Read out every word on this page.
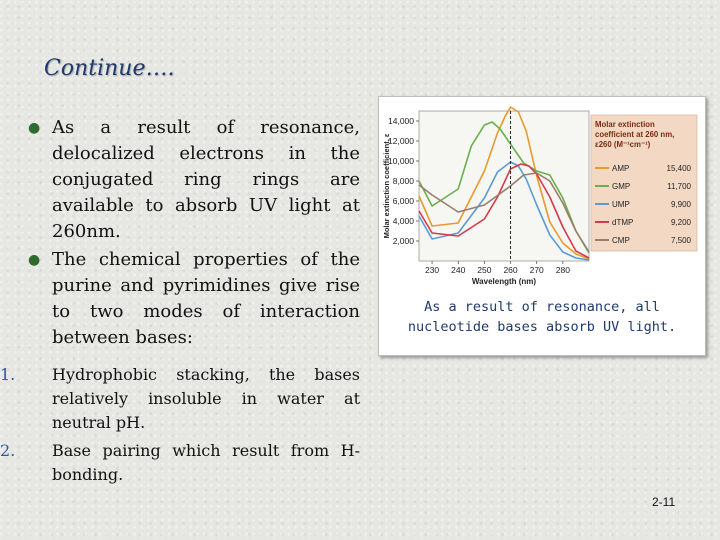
Continue….
● As a result of resonance, delocalized electrons in the conjugated ring rings are available to absorb UV light at 260nm.
● The chemical properties of the purine and pyrimidines give rise to two modes of interaction between bases:
1.	Hydrophobic stacking, the bases relatively insoluble in water at neutral pH.
2.	Base pairing which result from H-bonding.
2,000
4,000
6,000
8,000
10,000
12,000
14,000
230 240 250 260 270 280
Wavelength (nm)
Molar extinction coefficient, ε
Molar extinction
coefficient at 260 nm,
ε260 (M⁻¹cm⁻¹)
AMP	15,400
GMP	11,700
UMP	9,900
dTMP	9,200
CMP	7,500
As a result of resonance, all
nucleotide bases absorb UV light.
2-11
